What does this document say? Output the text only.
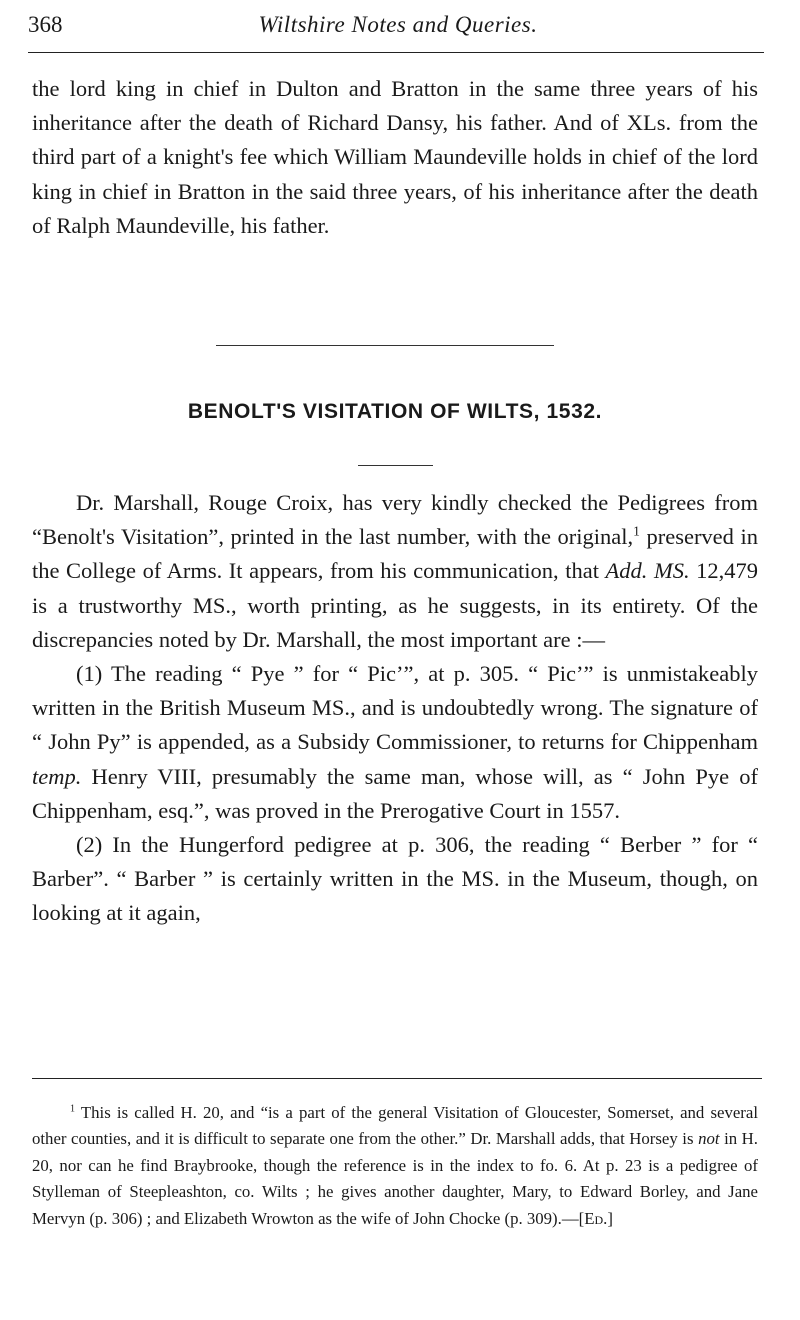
368	Wiltshire Notes and Queries.

the lord king in chief in Dulton and Bratton in the same three years of his inheritance after the death of Richard Dansy, his father. And of XLs. from the third part of a knight's fee which William Maundeville holds in chief of the lord king in chief in Bratton in the said three years, of his inheritance after the death of Ralph Maundeville, his father.

BENOLT'S VISITATION OF WILTS, 1532.

Dr. Marshall, Rouge Croix, has very kindly checked the Pedigrees from “Benolt's Visitation”, printed in the last number, with the original,$^1$ preserved in the College of Arms. It appears, from his communication, that Add. MS. 12,479 is a trustworthy MS., worth printing, as he suggests, in its entirety. Of the discrepancies noted by Dr. Marshall, the most important are :—

(1) The reading “ Pye ” for “ Pic’”, at p. 305. “ Pic’” is unmistakeably written in the British Museum MS., and is undoubtedly wrong. The signature of “ John Py” is appended, as a Subsidy Commissioner, to returns for Chippenham temp. Henry VIII, presumably the same man, whose will, as “ John Pye of Chippenham, esq.”, was proved in the Prerogative Court in 1557.

(2) In the Hungerford pedigree at p. 306, the reading “ Berber ” for “ Barber”. “ Barber ” is certainly written in the MS. in the Museum, though, on looking at it again,

$^1$ This is called H. 20, and “is a part of the general Visitation of Gloucester, Somerset, and several other counties, and it is difficult to separate one from the other.” Dr. Marshall adds, that Horsey is not in H. 20, nor can he find Braybrooke, though the reference is in the index to fo. 6. At p. 23 is a pedigree of Stylleman of Steepleashton, co. Wilts ; he gives another daughter, Mary, to Edward Borley, and Jane Mervyn (p. 306) ; and Elizabeth Wrowton as the wife of John Chocke (p. 309).—[Ed.]
